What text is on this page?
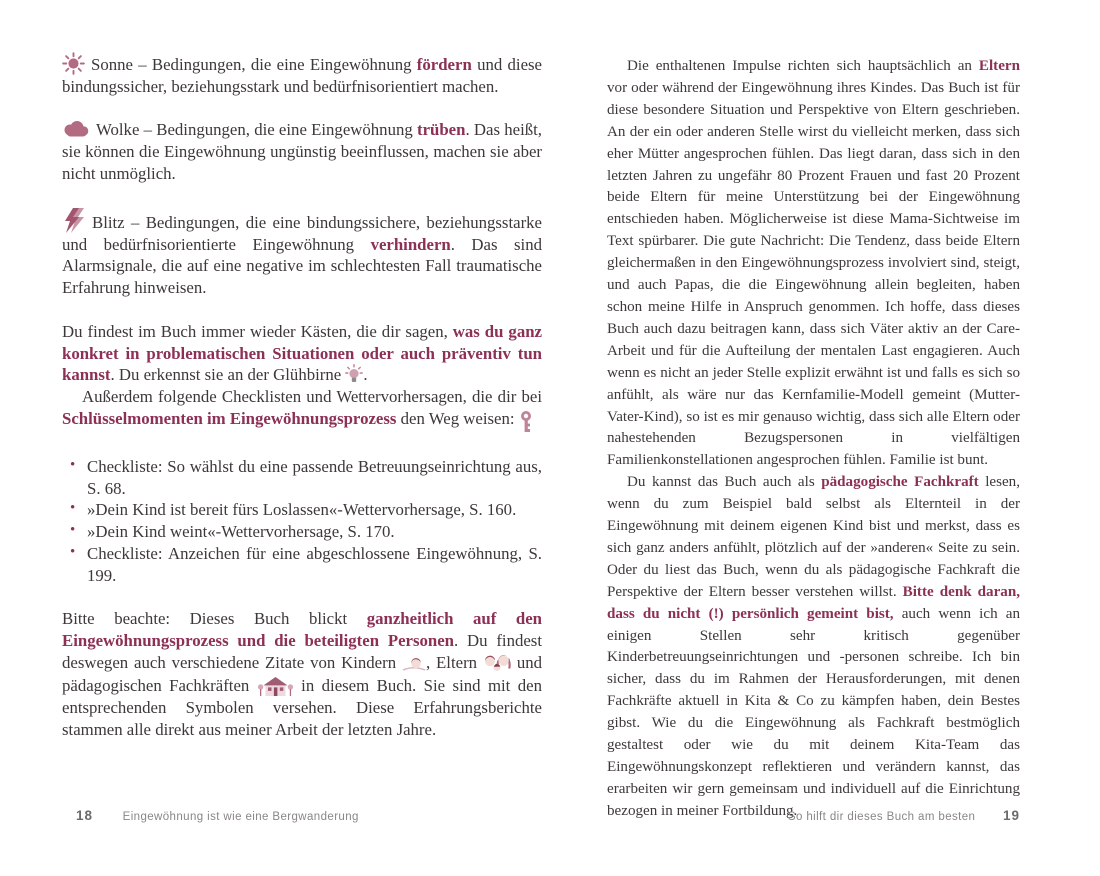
Sonne – Bedingungen, die eine Eingewöhnung fördern und diese bindungssicher, beziehungsstark und bedürfnisorientiert machen.

Wolke – Bedingungen, die eine Eingewöhnung trüben. Das heißt, sie können die Eingewöhnung ungünstig beeinflussen, machen sie aber nicht unmöglich.

Blitz – Bedingungen, die eine bindungssichere, beziehungsstarke und bedürfnisorientierte Eingewöhnung verhindern. Das sind Alarmsignale, die auf eine negative im schlechtesten Fall traumatische Erfahrung hinweisen.

Du findest im Buch immer wieder Kästen, die dir sagen, was du ganz konkret in problematischen Situationen oder auch präventiv tun kannst. Du erkennst sie an der Glühbirne .

Außerdem folgende Checklisten und Wettervorhersagen, die dir bei Schlüsselmomenten im Eingewöhnungsprozess den Weg weisen:

• Checkliste: So wählst du eine passende Betreuungseinrichtung aus, S. 68.

• »Dein Kind ist bereit fürs Loslassen«-Wettervorhersage, S. 160.

• »Dein Kind weint«-Wettervorhersage, S. 170.

• Checkliste: Anzeichen für eine abgeschlossene Eingewöhnung, S. 199.

Bitte beachte: Dieses Buch blickt ganzheitlich auf den Eingewöhnungsprozess und die beteiligten Personen. Du findest deswegen auch verschiedene Zitate von Kindern , Eltern  und pädagogischen Fachkräften  in diesem Buch. Sie sind mit den entsprechenden Symbolen versehen. Diese Erfahrungsberichte stammen alle direkt aus meiner Arbeit der letzten Jahre.

18	Eingewöhnung ist wie eine Bergwanderung

Die enthaltenen Impulse richten sich hauptsächlich an Eltern vor oder während der Eingewöhnung ihres Kindes. Das Buch ist für diese besondere Situation und Perspektive von Eltern geschrieben. An der ein oder anderen Stelle wirst du vielleicht merken, dass sich eher Mütter angesprochen fühlen. Das liegt daran, dass sich in den letzten Jahren zu ungefähr 80 Prozent Frauen und fast 20 Prozent beide Eltern für meine Unterstützung bei der Eingewöhnung entschieden haben. Möglicherweise ist diese Mama-Sichtweise im Text spürbarer. Die gute Nachricht: Die Tendenz, dass beide Eltern gleichermaßen in den Eingewöhnungsprozess involviert sind, steigt, und auch Papas, die die Eingewöhnung allein begleiten, haben schon meine Hilfe in Anspruch genommen. Ich hoffe, dass dieses Buch auch dazu beitragen kann, dass sich Väter aktiv an der Care-Arbeit und für die Aufteilung der mentalen Last engagieren. Auch wenn es nicht an jeder Stelle explizit erwähnt ist und falls es sich so anfühlt, als wäre nur das Kernfamilie-Modell gemeint (Mutter-Vater-Kind), so ist es mir genauso wichtig, dass sich alle Eltern oder nahestehenden Bezugspersonen in vielfältigen Familienkonstellationen angesprochen fühlen. Familie ist bunt.

Du kannst das Buch auch als pädagogische Fachkraft lesen, wenn du zum Beispiel bald selbst als Elternteil in der Eingewöhnung mit deinem eigenen Kind bist und merkst, dass es sich ganz anders anfühlt, plötzlich auf der »anderen« Seite zu sein. Oder du liest das Buch, wenn du als pädagogische Fachkraft die Perspektive der Eltern besser verstehen willst. Bitte denk daran, dass du nicht (!) persönlich gemeint bist, auch wenn ich an einigen Stellen sehr kritisch gegenüber Kinderbetreuungseinrichtungen und -personen schreibe. Ich bin sicher, dass du im Rahmen der Herausforderungen, mit denen Fachkräfte aktuell in Kita & Co zu kämpfen haben, dein Bestes gibst. Wie du die Eingewöhnung als Fachkraft bestmöglich gestaltest oder wie du mit deinem Kita-Team das Eingewöhnungskonzept reflektieren und verändern kannst, das erarbeiten wir gern gemeinsam und individuell auf die Einrichtung bezogen in meiner Fortbildung.

So hilft dir dieses Buch am besten 19
